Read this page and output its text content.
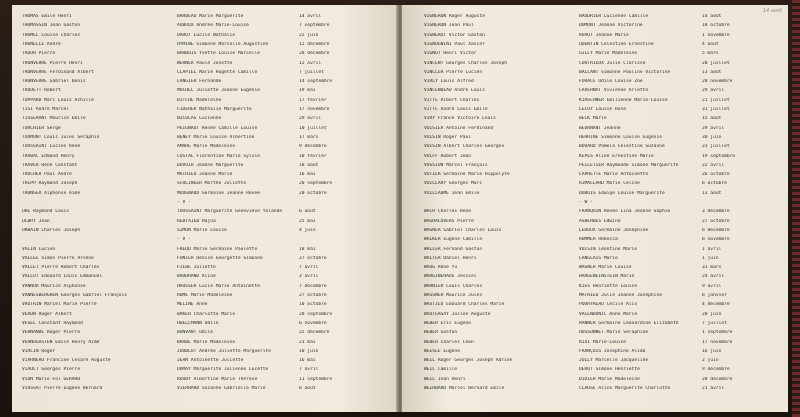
THOMAS Emile Henri	BARBEAU Marie Marguerite	14 avril
THOMASSIN Jean Gaston	AUBOUX Andrée Marie-Louise	7 septembre
THOMEL Louise Charles	DAROT Lucile Nathalie	22 juin
THONELLE André	HYMINE Simonne Marcelle Augustine	12 décembre
TROUH Pierre	BARBOIS Yvette Louise Marcelle	28 décembre
TRONVERRE Pierre Henri	WERNER Paule Josette	12 avril
TRONVERRE Ferdinand Albert	CLAPIEL Marie Hugette Camille	7 juillet
TRONVERRE Gabriel Denis	LANGIER Fernande	14 septembre
TROUETT Robert	MOCHEL Juliette Jeanne Eugénie	19 mai
TOPPARD Marc Louis Achille	DITCHE Madeleine	17 février
TISI André Marcel	FIDERER Nathalie Marguerite	17 novembre
TISSERANT Maurice Emile	NICOLAS Lucienne	29 avril
TORCHIER Serge	PEIGNAUT Renée Camille Louise	10 juillet
TOUMONT Louis Jules Séraphin	BENEY Marie Louise Albertine	17 mars
TOUSSAINT Lucien René	AMARÉ Marie Madeleine	9 décembre
TRABAC Edmond Henry	COSTAL Florentine Marie Sylvie	10 février
TRAVER René Constant	DUVOIR Jeanne Marguerite	18 août
TROCHER Paul André	MATHIEU Jeanne Marie	16 mai
TRIPP Raymond Joseph	SCHLINGER Marthe Juliette	20 septembre
TRUNGER Alphonse Aimé	MOUGNAUD Germaine Jeanne Renée	20 octobre
- V -
UHL Raymond Louis	TOUSSAINT Marguerite Geneviève Yolande	6 août
ULBRY Jean	REBTAIEB Hajna	25 mai
URBAIN Charles Joseph	SIMON Marie Louise	4 juin
- V -
VALIN Lucien	FRÉOD Marie Germaine Paulette	18 mai
VALLÉE Simon Pierre Arsène	FUNIER Denise Georgette Simonne	27 octobre
VALLET Pierre Robert Charles	FILBE Juliette	7 avril
VALLOT Edouard Louis Emmanuel	BAUDRAND Aline	3 avril
VANNOR Maurice Alphonse	HAUSSER Lucie Marie Antoinette	7 décembre
VANNESBERGHEN Georges Gabriel François	ROME Marie Madeleine	27 octobre
VAUTRIN Marcel Marie Pierre	MÉLINE Anne	10 octobre
VÉRON Roger Albert	BAKER Charlotte Marie	28 septembre
VÉSEL Constant Raymond	HUELLMANN Odile	6 novembre
VERNANDE Roger Pierre	BONVANT Odile	22 décembre
VERNOGASTEN Emile Henry Aimé	BARBE Marie Madeleine	23 mai
VIALIN Roger	JOUBLOT Andrée Juliette Marguerite	10 juin
VIARNEAU Francine Cesare Auguste	JEAN Antoinette Juliette	16 mai
VIAULT Georges Pierre	DUMAY Marguerite Julienne Lucette	7 avril
VION Marie Fol GÉRARD	ROUBY Albertine Marie Thérèse	11 septembre
VIOSSAT Pierre Eugène Bernard	VIERBARD Suzanne Gabrielle Marie	6 août
14 août
VIGNERON Roger Auguste	BAUDRIER Lucienne Camille	14 août
VIGNERON Jean Paul	DUMONT Jeanne Victorine	18 octobre
VIGNEROT Victor Gaston	RUAUT Jeanne Marie	1 novembre
VIGNOGNINI Paul Xavier	QUENTIN Célestine Ernestine	4 août
VIGNOT Henri Victor	GILLY Marie Madeleine	5 mars
VINCENT Georges Charles Joseph	COUTRIEUX Julie Clarisse	20 juillet
VINCLER Pierre Lucien	BALLANT Simonne Pauline Victorine	13 août
VIRLY Louis Alfred	FORACE Odile Louise Zoë	28 novembre
VINCENDEAU André Louis	LAVERNAT Vivienne Arlette	29 avril
VITTE Albert Charles	KIRSCHNER Emilienne Marie-Louise	21 juillet
VITTE André Louis Emile	LECOY Louise Rose	31 juillet
VIRY France Victoire Louis	BECK Marie	15 août
VOISIEA Antoine Ferdinand	BEURNANT Jeanne	29 avril
VOISIN Roger Paul	HERRINE Simonne Louise Eugénie	30 juin
VOISIN Albert Charles Georges	BOUARD Pamela Célestine Suzanne	23 juillet
VOLFF Robert Jean	KEPES Aline Ernestine Marie	19 septembre
VOSSION Marcel François	PELLETIER Raymonde Simone Marguerite	22 avril
VOTIER Germaine Marie Hippolyte	LAPRETTE Marie Antoinette	26 octobre
VUILLARY Georges Marc	RIMALLARD Marie Céline	6 octobre
VUILLAUME Jean Emile	DUBOIS Edwige Louise Marguerite	13 août
- W -
WACH Charles René	FRANQUIN Renée Lina Jeanne Sophie	3 décembre
WAGHALOVERS Pierre	ASBERBES Edwina	27 octobre
WAGNER Gabriel Charles Louis	LEDOUX Germaine Joséphine	6 décembre
WALKER Eugène Camille	ROMMER Rébecca	6 novembre
WALLER Fernand Gaston	VOISIN Léontine Marie	1 avril
WALTER Daniel Henri	LANGLAIS Marie	1 juin
WAUG Réne Yu	WAGNER Marie Louise	31 mars
WARGINEHAUS Jessiel	BARGENEINSTEIN Marie	24 avril
WARNIER Louis Charles	KIÉS Henriette Louise	9 avril
WASSNER Maurice Jules	MATHIEU Julie Jeanne Joséphine	6 janvier
WASTIEU Édouard Charles Marie	POURYREAU Cécile Alix	4 décembre
WAUTERSAY Julien Auguste	VALENDUNIC Anne Marie	20 juin
WEBER Eric Eugène	RANNER Germaine Léonardine Elizabeth	7 juillet
WEBER Gaston	HUSSONNET Marie Séraphine	1 septembre
WEBER Charles Léon	RIXI Marie-Louise	17 novembre
WEESLÉ Eugène	FRANÇOIS Joséphine Alida	16 juin
WEIL Roger Georges Joseph Adrien	JOLLY Marcelle Jacqueline	2 juin
WEIL Camille	DEROT Simone Henriette	9 décembre
WEIL Jean Henri	DIDIER Marie Madeleine	20 décembre
WEIRBARD Marcel Bernard Emile	CLAUSE Alice Marguerite Charlotte	21 avril
